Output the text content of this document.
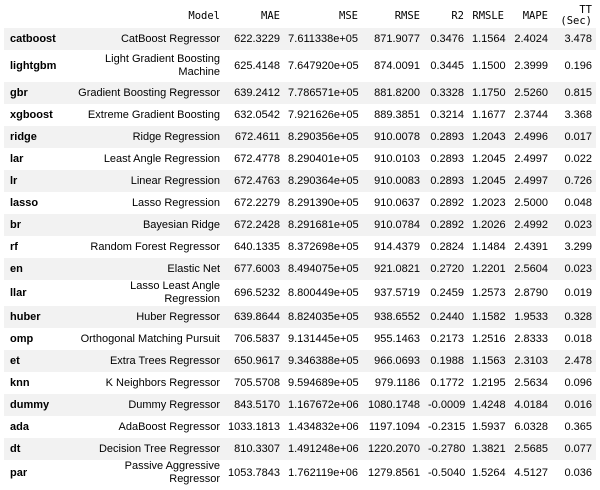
	Model	MAE	MSE	RMSE	R2	RMSLE	MAPE	TT
(Sec)
catboost	CatBoost Regressor	622.3229	7.611338e+05	871.9077	0.3476	1.1564	2.4024	3.478
lightgbm	Light Gradient Boosting Machine	625.4148	7.647920e+05	874.0091	0.3445	1.1500	2.3999	0.196
gbr	Gradient Boosting Regressor	639.2412	7.786571e+05	881.8200	0.3328	1.1750	2.5260	0.815
xgboost	Extreme Gradient Boosting	632.0542	7.921626e+05	889.3851	0.3214	1.1677	2.3744	3.368
ridge	Ridge Regression	672.4611	8.290356e+05	910.0078	0.2893	1.2043	2.4996	0.017
lar	Least Angle Regression	672.4778	8.290401e+05	910.0103	0.2893	1.2045	2.4997	0.022
lr	Linear Regression	672.4763	8.290364e+05	910.0083	0.2893	1.2045	2.4997	0.726
lasso	Lasso Regression	672.2279	8.291390e+05	910.0637	0.2892	1.2023	2.5000	0.048
br	Bayesian Ridge	672.2428	8.291681e+05	910.0784	0.2892	1.2026	2.4992	0.023
rf	Random Forest Regressor	640.1335	8.372698e+05	914.4379	0.2824	1.1484	2.4391	3.299
en	Elastic Net	677.6003	8.494075e+05	921.0821	0.2720	1.2201	2.5604	0.023
llar	Lasso Least Angle Regression	696.5232	8.800449e+05	937.5719	0.2459	1.2573	2.8790	0.019
huber	Huber Regressor	639.8644	8.824035e+05	938.6552	0.2440	1.1582	1.9533	0.328
omp	Orthogonal Matching Pursuit	706.5837	9.131445e+05	955.1463	0.2173	1.2516	2.8333	0.018
et	Extra Trees Regressor	650.9617	9.346388e+05	966.0693	0.1988	1.1563	2.3103	2.478
knn	K Neighbors Regressor	705.5708	9.594689e+05	979.1186	0.1772	1.2195	2.5634	0.096
dummy	Dummy Regressor	843.5170	1.167672e+06	1080.1748	-0.0009	1.4248	4.0184	0.016
ada	AdaBoost Regressor	1033.1813	1.434832e+06	1197.1094	-0.2315	1.5937	6.0328	0.365
dt	Decision Tree Regressor	810.3307	1.491248e+06	1220.2070	-0.2780	1.3821	2.5685	0.077
par	Passive Aggressive Regressor	1053.7843	1.762119e+06	1279.8561	-0.5040	1.5264	4.5127	0.036
